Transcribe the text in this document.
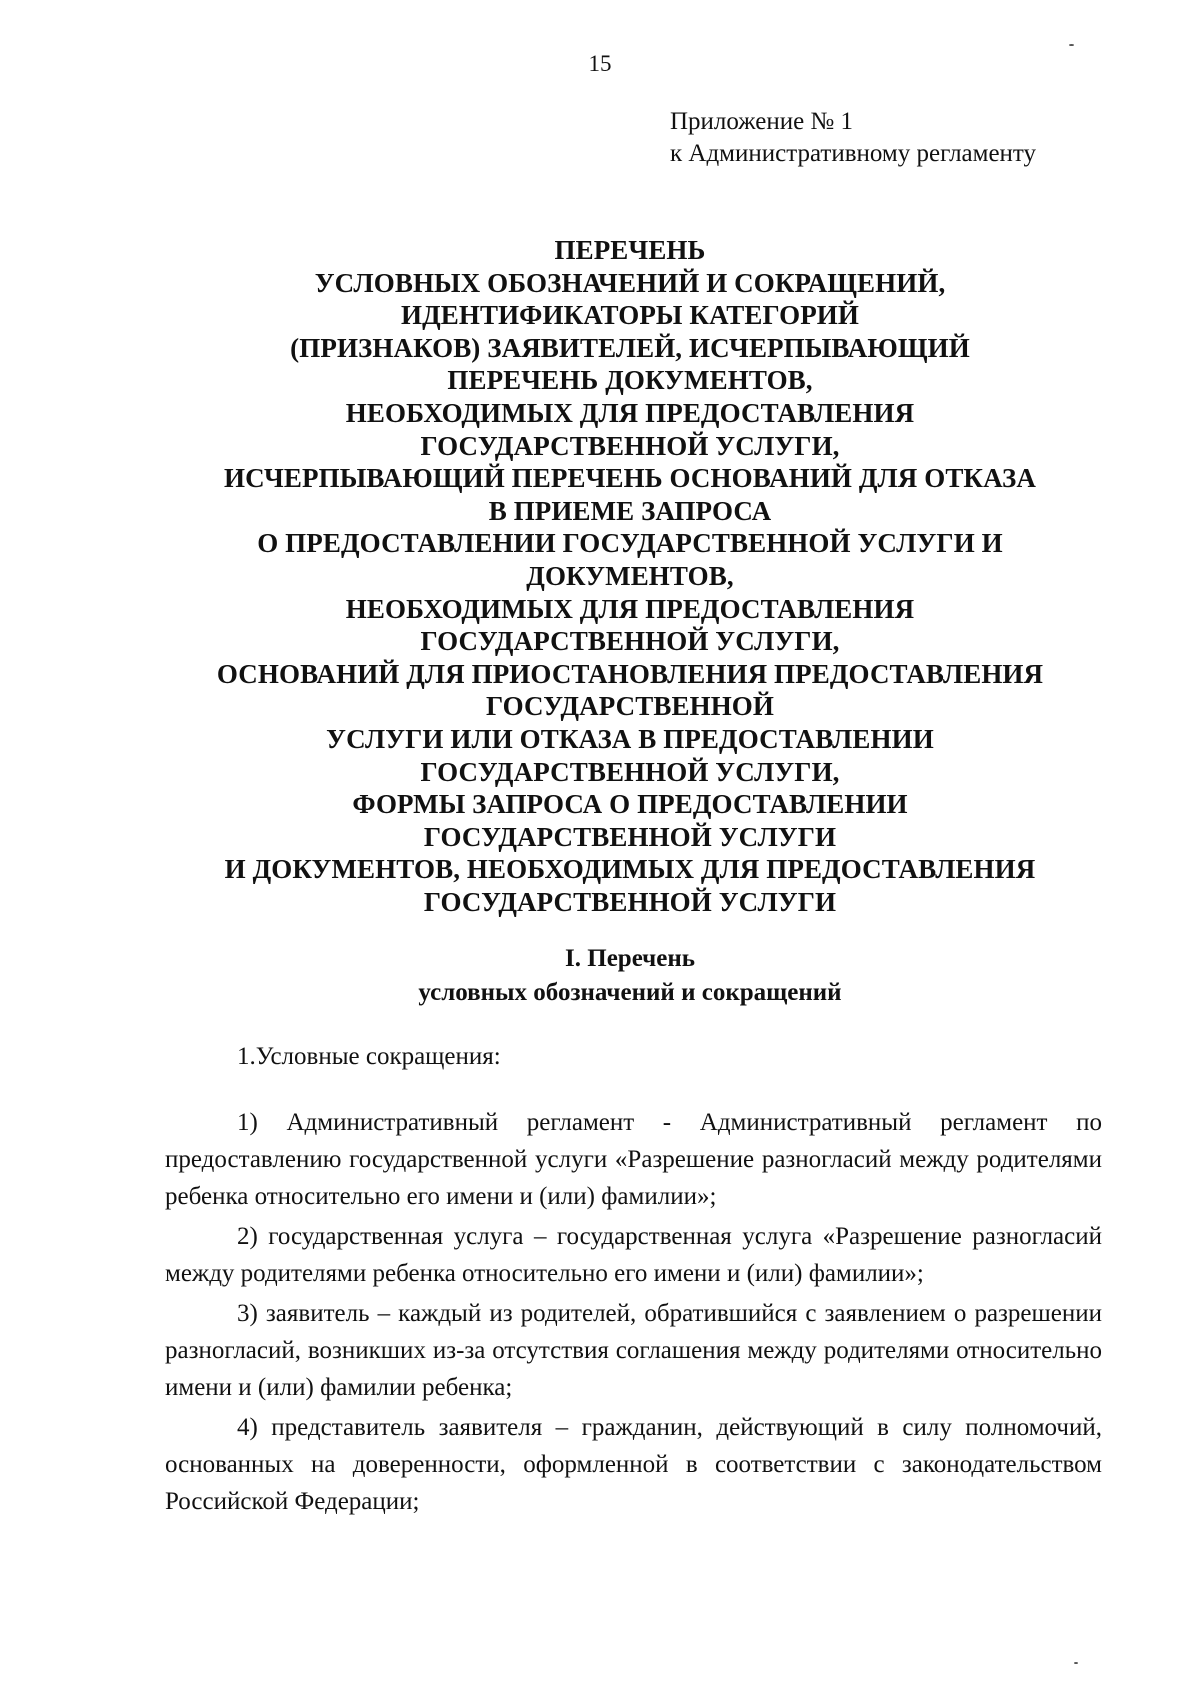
15
Приложение № 1
к Административному регламенту
ПЕРЕЧЕНЬ
УСЛОВНЫХ ОБОЗНАЧЕНИЙ И СОКРАЩЕНИЙ,
ИДЕНТИФИКАТОРЫ КАТЕГОРИЙ
(ПРИЗНАКОВ) ЗАЯВИТЕЛЕЙ, ИСЧЕРПЫВАЮЩИЙ
ПЕРЕЧЕНЬ ДОКУМЕНТОВ,
НЕОБХОДИМЫХ ДЛЯ ПРЕДОСТАВЛЕНИЯ
ГОСУДАРСТВЕННОЙ УСЛУГИ,
ИСЧЕРПЫВАЮЩИЙ ПЕРЕЧЕНЬ ОСНОВАНИЙ ДЛЯ ОТКАЗА
В ПРИЕМЕ ЗАПРОСА
О ПРЕДОСТАВЛЕНИИ ГОСУДАРСТВЕННОЙ УСЛУГИ И
ДОКУМЕНТОВ,
НЕОБХОДИМЫХ ДЛЯ ПРЕДОСТАВЛЕНИЯ
ГОСУДАРСТВЕННОЙ УСЛУГИ,
ОСНОВАНИЙ ДЛЯ ПРИОСТАНОВЛЕНИЯ ПРЕДОСТАВЛЕНИЯ
ГОСУДАРСТВЕННОЙ
УСЛУГИ ИЛИ ОТКАЗА В ПРЕДОСТАВЛЕНИИ
ГОСУДАРСТВЕННОЙ УСЛУГИ,
ФОРМЫ ЗАПРОСА О ПРЕДОСТАВЛЕНИИ
ГОСУДАРСТВЕННОЙ УСЛУГИ
И ДОКУМЕНТОВ, НЕОБХОДИМЫХ ДЛЯ ПРЕДОСТАВЛЕНИЯ
ГОСУДАРСТВЕННОЙ УСЛУГИ
I. Перечень
условных обозначений и сокращений
1.Условные сокращения:

1) Административный регламент - Административный регламент по предоставлению государственной услуги «Разрешение разногласий между родителями ребенка относительно его имени и (или) фамилии»;

2) государственная услуга – государственная услуга «Разрешение разногласий между родителями ребенка относительно его имени и (или) фамилии»;

3) заявитель – каждый из родителей, обратившийся с заявлением о разрешении разногласий, возникших из-за отсутствия соглашения между родителями относительно имени и (или) фамилии ребенка;

4) представитель заявителя – гражданин, действующий в силу полномочий, основанных на доверенности, оформленной в соответствии с законодательством Российской Федерации;
